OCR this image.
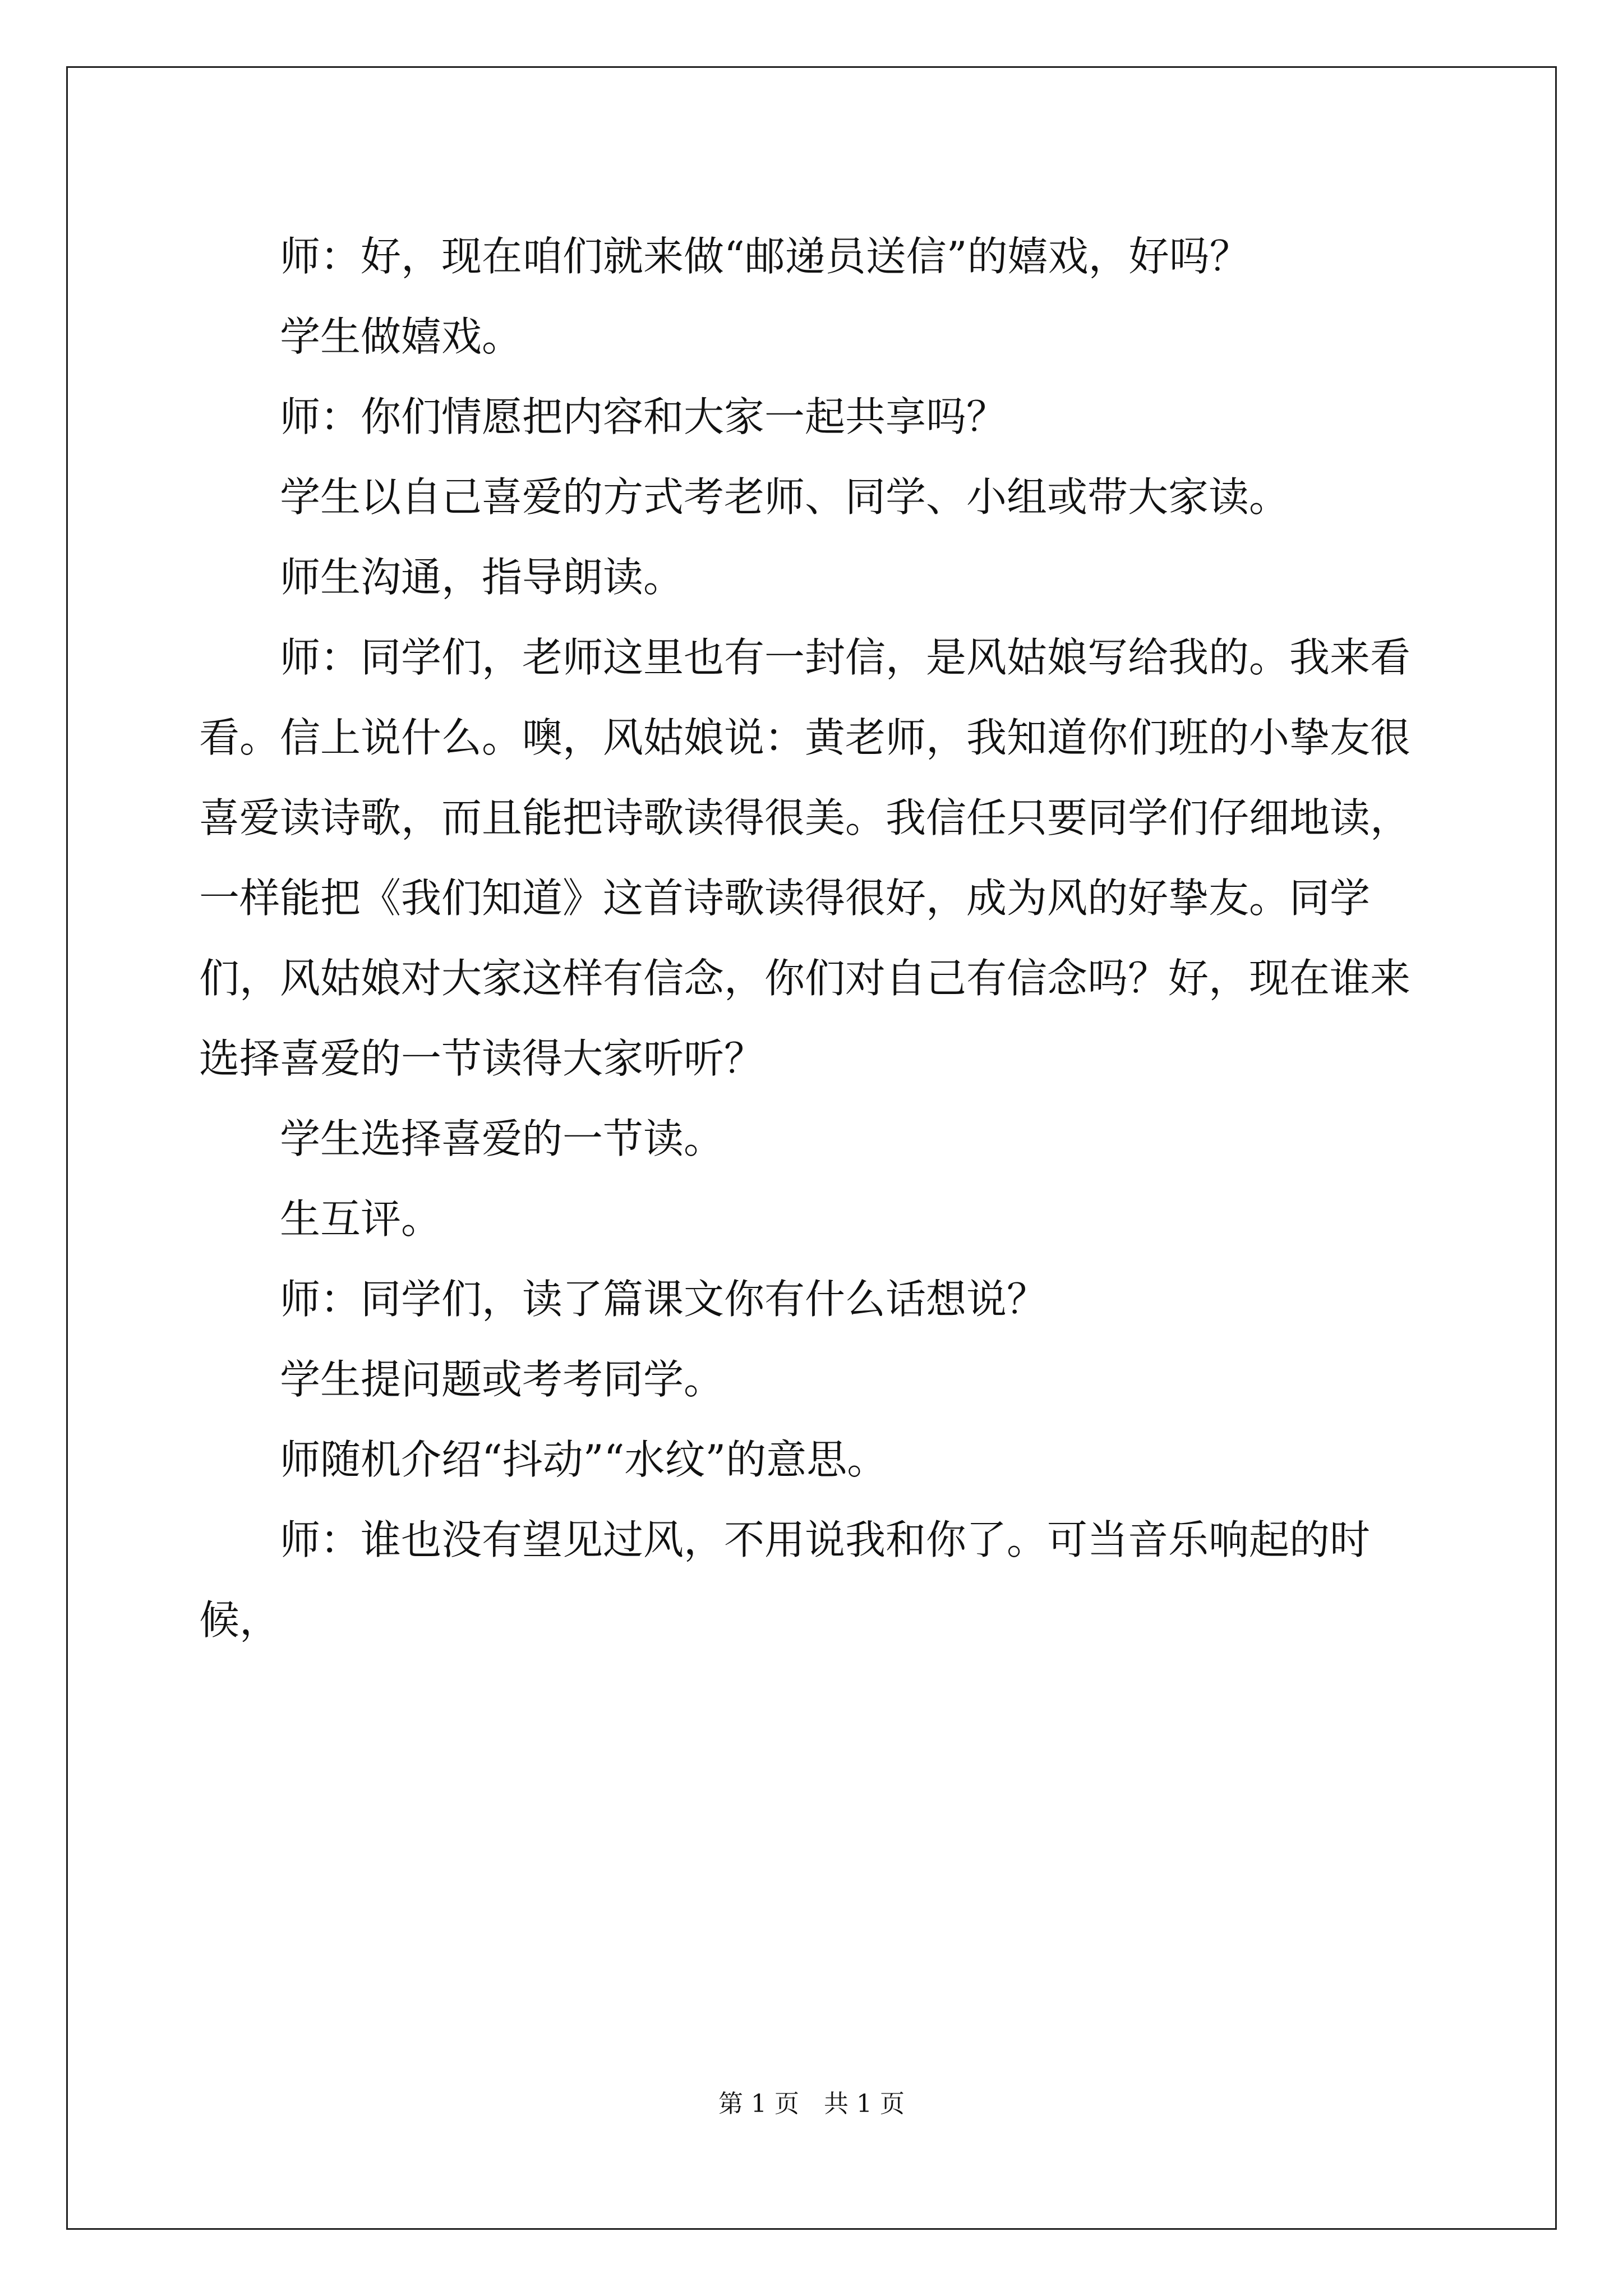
师：好，现在咱们就来做“邮递员送信”的嬉戏，好吗？

学生做嬉戏。

师：你们情愿把内容和大家一起共享吗？

学生以自己喜爱的方式考老师、同学、小组或带大家读。

师生沟通，指导朗读。

师：同学们，老师这里也有一封信，是风姑娘写给我的。我来看看。信上说什么。噢，风姑娘说：黄老师，我知道你们班的小挚友很喜爱读诗歌，而且能把诗歌读得很美。我信任只要同学们仔细地读，一样能把《我们知道》这首诗歌读得很好，成为风的好挚友。同学们，风姑娘对大家这样有信念，你们对自己有信念吗？好，现在谁来选择喜爱的一节读得大家听听？

学生选择喜爱的一节读。

生互评。

师：同学们，读了篇课文你有什么话想说？

学生提问题或考考同学。

师随机介绍“抖动”“水纹”的意思。

师：谁也没有望见过风，不用说我和你了。可当音乐响起的时候，

第 1 页　共 1 页
